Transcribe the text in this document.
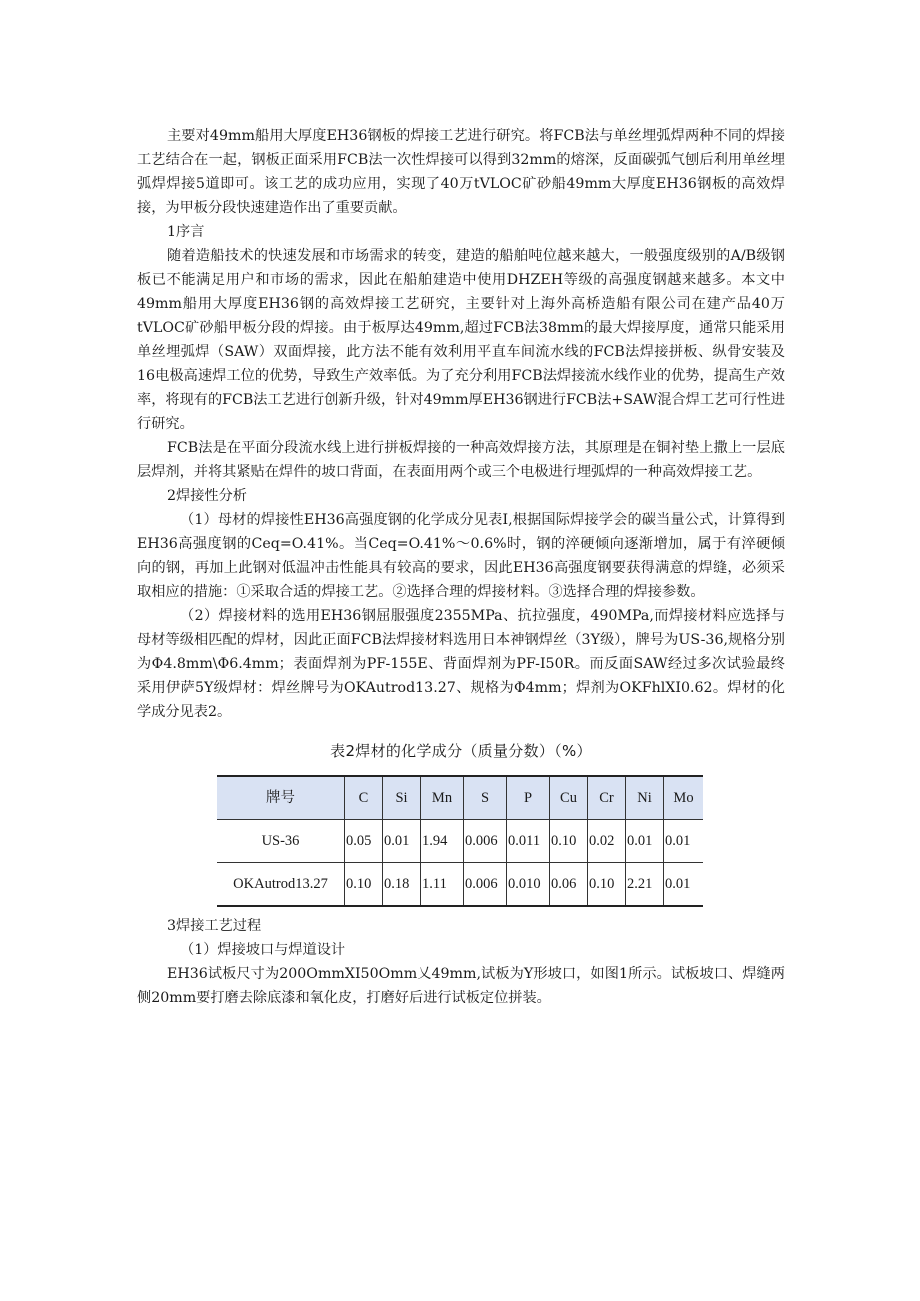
主要对49mm船用大厚度EH36钢板的焊接工艺进行研究。将FCB法与单丝埋弧焊两种不同的焊接工艺结合在一起，钢板正面采用FCB法一次性焊接可以得到32mm的熔深，反面碳弧气刨后利用单丝埋弧焊焊接5道即可。该工艺的成功应用，实现了40万tVLOC矿砂船49mm大厚度EH36钢板的高效焊接，为甲板分段快速建造作出了重要贡献。

1序言

随着造船技术的快速发展和市场需求的转变，建造的船舶吨位越来越大，一般强度级别的A/B级钢板已不能满足用户和市场的需求，因此在船舶建造中使用DHZEH等级的高强度钢越来越多。本文中49mm船用大厚度EH36钢的高效焊接工艺研究，主要针对上海外高桥造船有限公司在建产品40万tVLOC矿砂船甲板分段的焊接。由于板厚达49mm,超过FCB法38mm的最大焊接厚度，通常只能采用单丝埋弧焊（SAW）双面焊接，此方法不能有效利用平直车间流水线的FCB法焊接拼板、纵骨安装及16电极高速焊工位的优势，导致生产效率低。为了充分利用FCB法焊接流水线作业的优势，提高生产效率，将现有的FCB法工艺进行创新升级，针对49mm厚EH36钢进行FCB法+SAW混合焊工艺可行性进行研究。

FCB法是在平面分段流水线上进行拼板焊接的一种高效焊接方法，其原理是在铜衬垫上撒上一层底层焊剂，并将其紧贴在焊件的坡口背面，在表面用两个或三个电极进行埋弧焊的一种高效焊接工艺。

2焊接性分析

（1）母材的焊接性EH36高强度钢的化学成分见表I,根据国际焊接学会的碳当量公式，计算得到EH36高强度钢的Ceq=O.41%。当Ceq=O.41%～0.6%时，钢的淬硬倾向逐渐增加，属于有淬硬倾向的钢，再加上此钢对低温冲击性能具有较高的要求，因此EH36高强度钢要获得满意的焊缝，必须采取相应的措施：①采取合适的焊接工艺。②选择合理的焊接材料。③选择合理的焊接参数。

（2）焊接材料的选用EH36钢屈服强度2355MPa、抗拉强度，490MPa,而焊接材料应选择与母材等级相匹配的焊材，因此正面FCB法焊接材料选用日本神钢焊丝（3Y级），牌号为US-36,规格分别为Φ4.8mm\Φ6.4mm；表面焊剂为PF-155E、背面焊剂为PF-I50R。而反面SAW经过多次试验最终采用伊萨5Y级焊材：焊丝牌号为OKAutrod13.27、规格为Φ4mm；焊剂为OKFhlXI0.62。焊材的化学成分见表2。

表2焊材的化学成分（质量分数）（%）
牌号	C	Si	Mn	S	P	Cu	Cr	Ni	Mo
US-36	0.05	0.01	1.94	0.006	0.011	0.10	0.02	0.01	0.01
OKAutrod13.27	0.10	0.18	1.11	0.006	0.010	0.06	0.10	2.21	0.01

3焊接工艺过程

（1）焊接坡口与焊道设计

EH36试板尺寸为200OmmXI50Omm乂49mm,试板为Y形坡口，如图1所示。试板坡口、焊缝两侧20mm要打磨去除底漆和氧化皮，打磨好后进行试板定位拼装。
